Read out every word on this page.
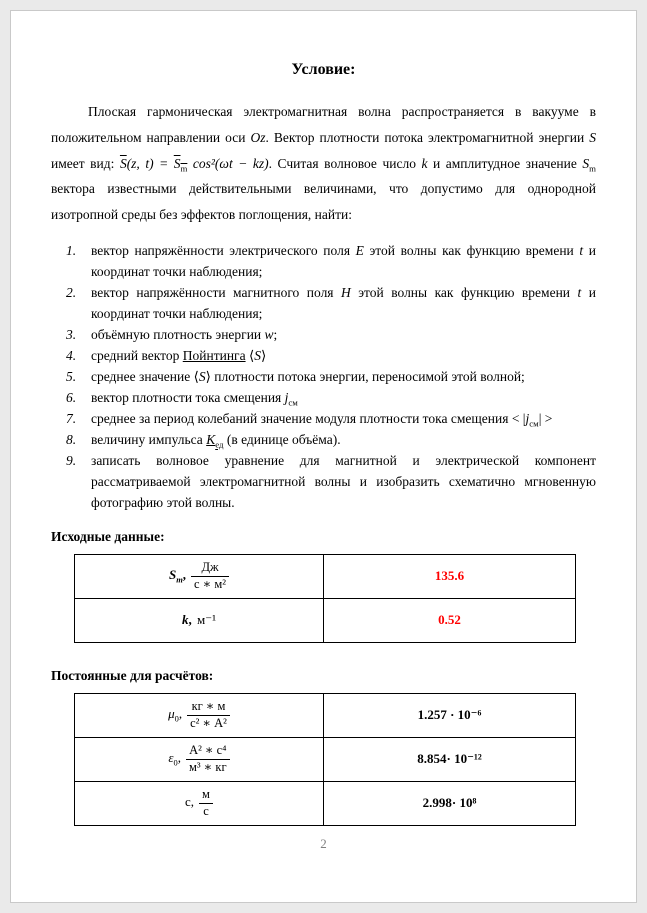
Условие:

Плоская гармоническая электромагнитная волна распространяется в вакууме в положительном направлении оси Oz. Вектор плотности потока электромагнитной энергии S имеет вид: $\overline{S}(z$, $t) = S_m$ cos²(ωt − kz). Считая волновое число k и амплитудное значение $S_m$ вектора известными действительными величинами, что допустимо для однородной изотропной среды без эффектов поглощения, найти:

1. вектор напряжённости электрического поля E этой волны как функцию времени t и координат точки наблюдения;
2. вектор напряжённости магнитного поля H этой волны как функцию времени t и координат точки наблюдения;
3. объёмную плотность энергии w;
4. средний вектор Пойнтинга ⟨S⟩
5. среднее значение ⟨S⟩ плотности потока энергии, переносимой этой волной;
6. вектор плотности тока смещения $j_{см}$
7. среднее за период колебаний значение модуля плотности тока смещения < $|j_{см}|$ >
8. величину импульса $K_{ед}$ (в единице объёма).
9. записать волновое уравнение для магнитной и электрической компонент рассматриваемой электромагнитной волны и изобразить схематично мгновенную фотографию этой волны.

Исходные данные:

$S_m$, $\frac{Дж}{\text{с ∗ м²}}$	135.6
k, м⁻¹	0.52

Постоянные для расчётов:

$\mu_0$, $\frac{кг ∗ м}{\text{с² ∗ А²}}$	1.257 · 10⁻⁶
$\varepsilon_0$, $\frac{\text{А² ∗ с⁴}}{\text{м³ ∗ кг}}$	8.854· 10⁻¹²
c, $\frac{м}{с}$	2.998· 10⁸
2
